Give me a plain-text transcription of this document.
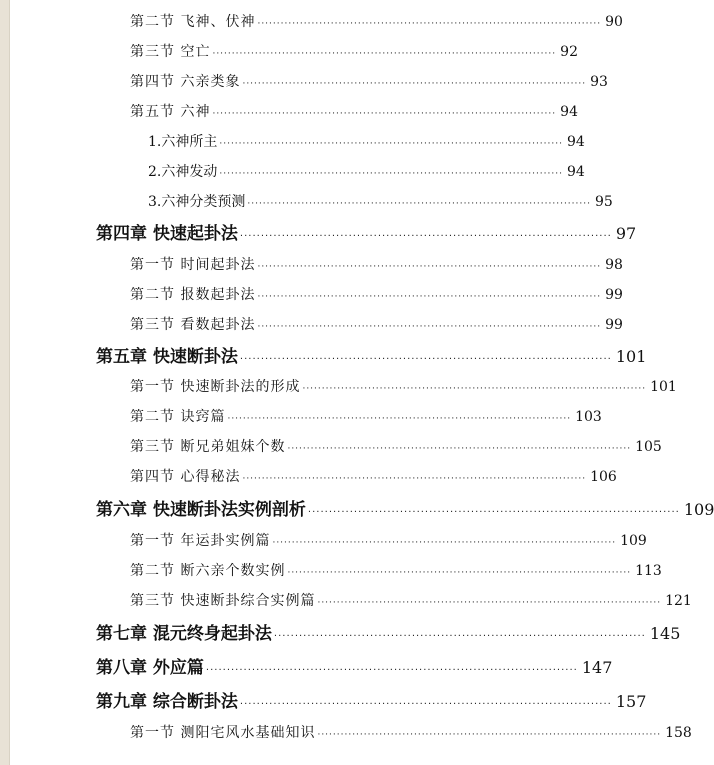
第二节 飞神、伏神 ························································································· 90
第三节 空亡 ························································································· 92
第四节 六亲类象 ························································································· 93
第五节 六神 ························································································· 94
1.六神所主 ························································································· 94
2.六神发动 ························································································· 94
3.六神分类预测 ························································································· 95
第四章 快速起卦法 ························································································· 97
第一节 时间起卦法 ························································································· 98
第二节 报数起卦法 ························································································· 99
第三节 看数起卦法 ························································································· 99
第五章 快速断卦法 ························································································· 101
第一节 快速断卦法的形成 ························································································· 101
第二节 诀窍篇 ························································································· 103
第三节 断兄弟姐妹个数 ························································································· 105
第四节 心得秘法 ························································································· 106
第六章 快速断卦法实例剖析 ························································································· 109
第一节 年运卦实例篇 ························································································· 109
第二节 断六亲个数实例 ························································································· 113
第三节 快速断卦综合实例篇 ························································································· 121
第七章 混元终身起卦法 ························································································· 145
第八章 外应篇 ························································································· 147
第九章 综合断卦法 ························································································· 157
第一节 测阳宅风水基础知识 ························································································· 158
